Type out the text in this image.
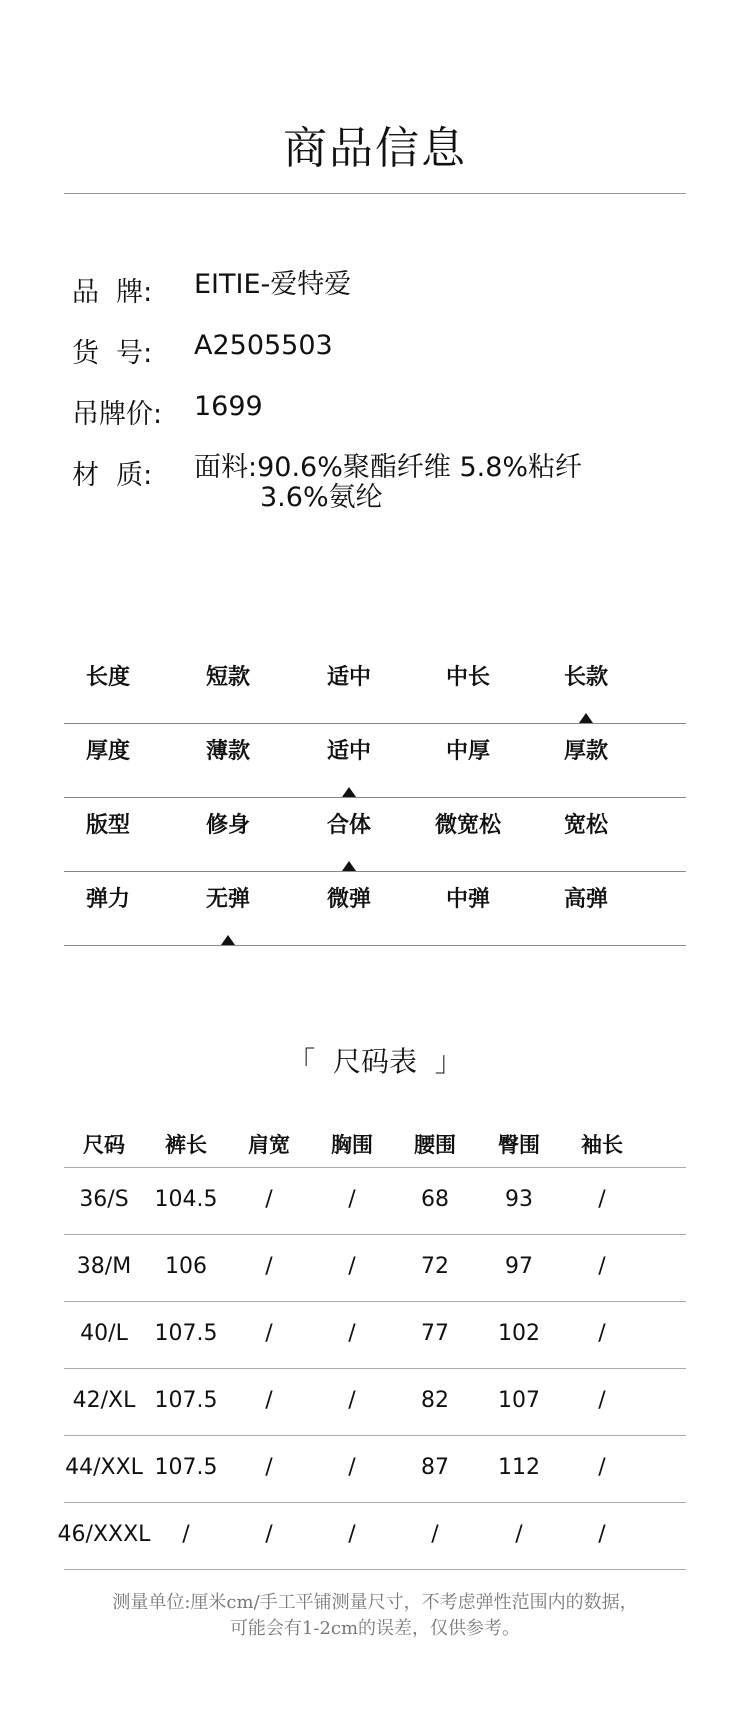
商品信息
品  牌:	EITIE-爱特爱
货  号:	A2505503
吊牌价:	1699
材  质:	面料:90.6%聚酯纤维 5.8%粘纤
3.6%氨纶
长度	短款	适中	中长	长款
厚度	薄款	适中	中厚	厚款
版型	修身	合体	微宽松	宽松
弹力	无弹	微弹	中弹	高弹
「  尺码表  」
尺码	裤长	肩宽	胸围	腰围	臀围	袖长
36/S	104.5	/	/	68	93	/
38/M	106	/	/	72	97	/
40/L	107.5	/	/	77	102	/
42/XL 107.5	/	/	82	107	/
44/XXL 107.5	/	/	87	112	/
46/XXXL	/	/	/	/	/	/
测量单位:厘米cm/手工平铺测量尺寸，不考虑弹性范围内的数据，
可能会有1-2cm的误差，仅供参考。
